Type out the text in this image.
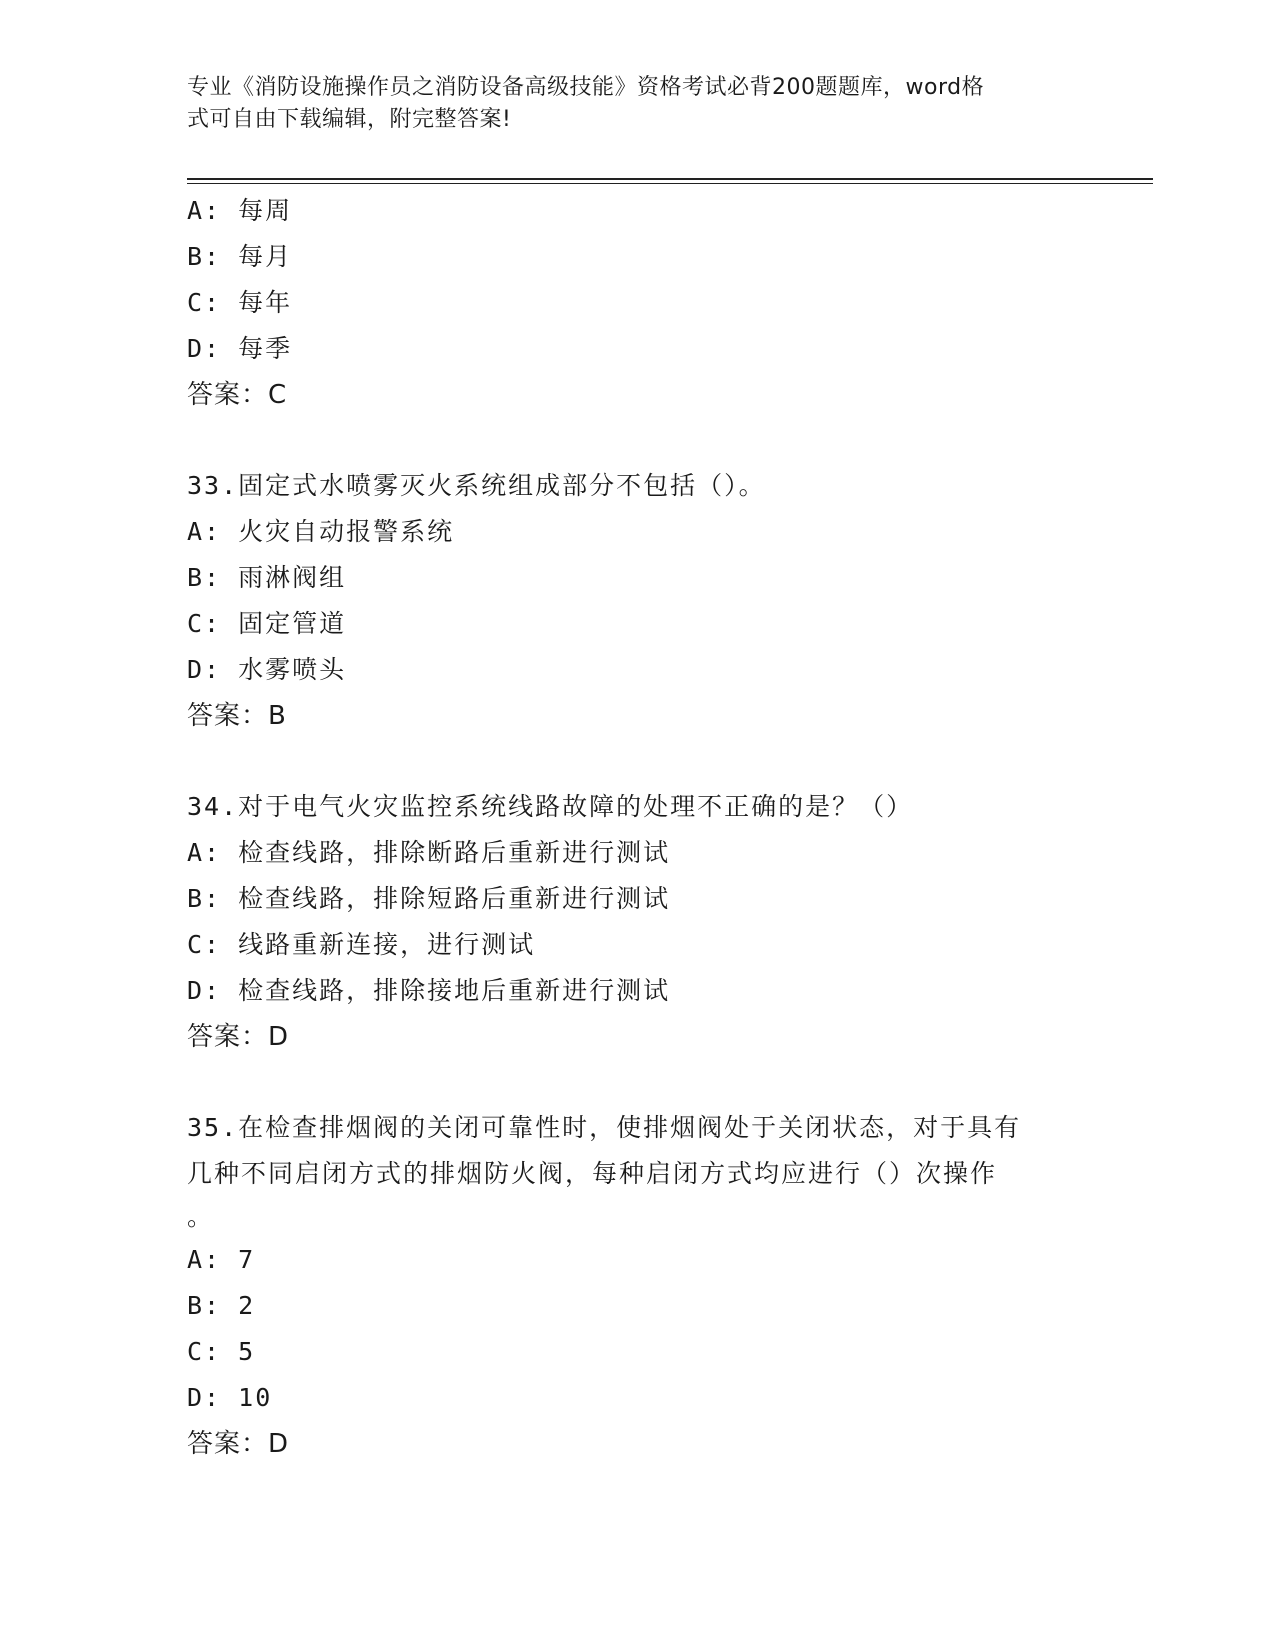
专业《消防设施操作员之消防设备高级技能》资格考试必背200题题库，word格
式可自由下载编辑，附完整答案!
A: 每周
B: 每月
C: 每年
D: 每季
答案：C
33.固定式水喷雾灭火系统组成部分不包括（）。
A: 火灾自动报警系统
B: 雨淋阀组
C: 固定管道
D: 水雾喷头
答案：B
34.对于电气火灾监控系统线路故障的处理不正确的是？（）
A: 检查线路，排除断路后重新进行测试
B: 检查线路，排除短路后重新进行测试
C: 线路重新连接，进行测试
D: 检查线路，排除接地后重新进行测试
答案：D
35.在检查排烟阀的关闭可靠性时，使排烟阀处于关闭状态，对于具有
几种不同启闭方式的排烟防火阀，每种启闭方式均应进行（）次操作
。
A: 7
B: 2
C: 5
D: 10
答案：D
